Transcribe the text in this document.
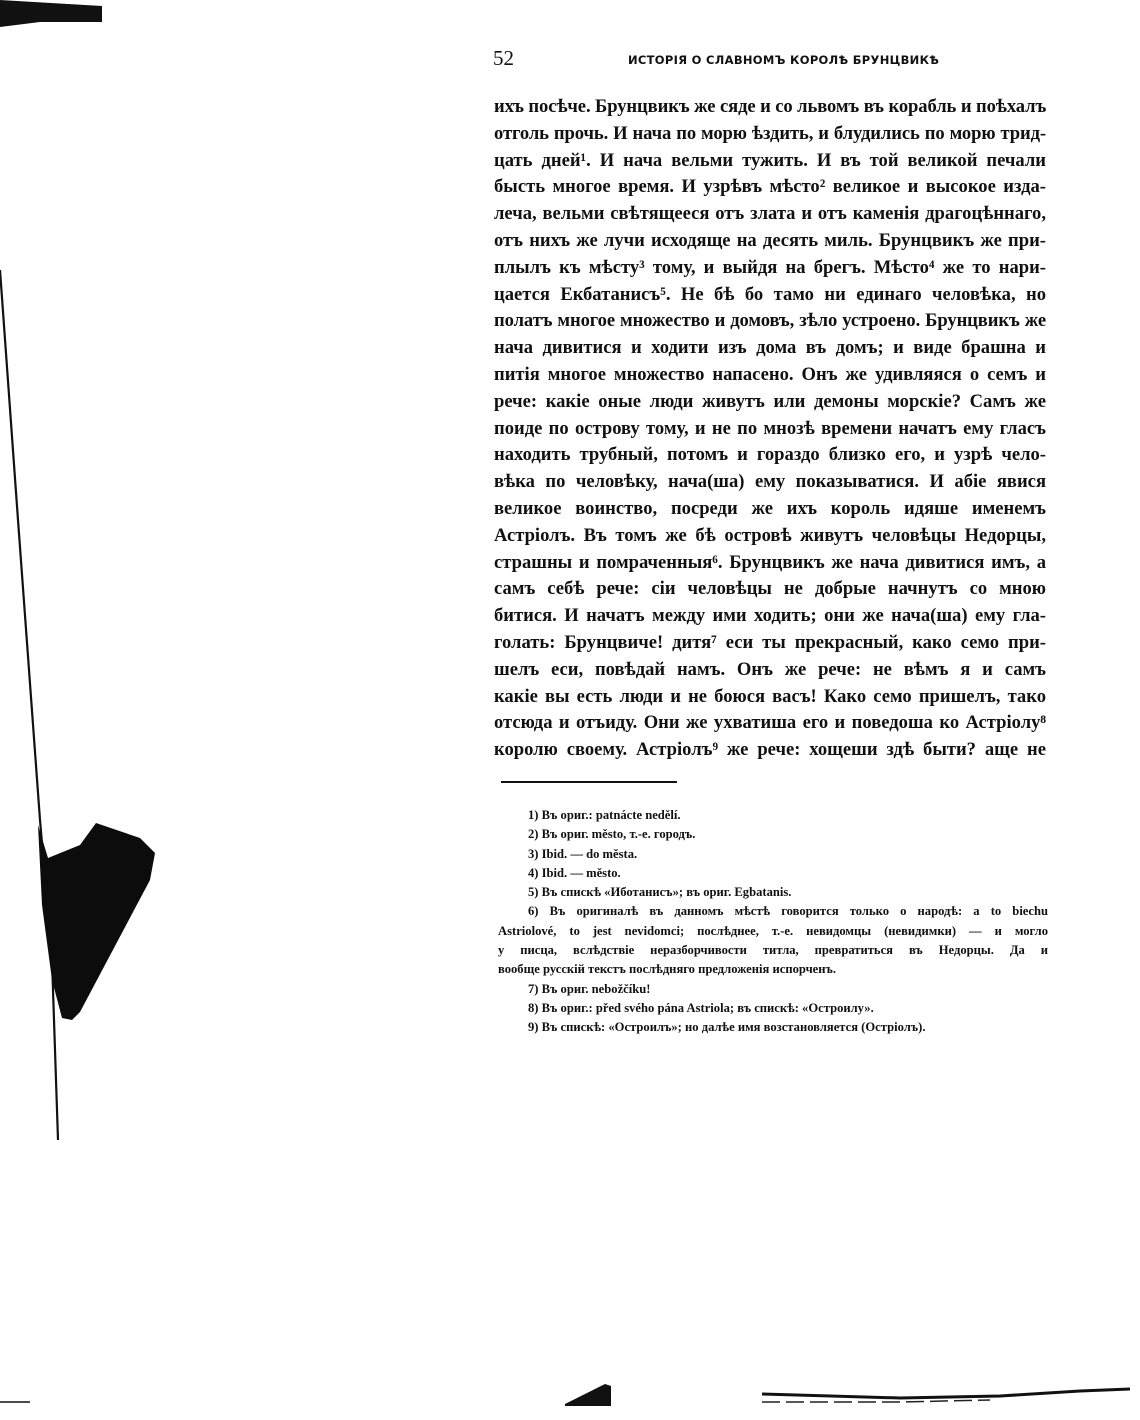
52	ИСТОРІЯ О СЛАВНОМЪ КОРОЛѢ БРУНЦВИКѢ
ихъ посѣче. Брунцвикъ же сяде и со львомъ въ корабль и поѣхалъ
отголь прочь. И нача по морю ѣздить, и блудились по морю трид-
цать дней¹. И нача вельми тужить. И въ той великой печали
бысть многое время. И узрѣвъ мѣсто² великое и высокое изда-
леча, вельми свѣтящееся отъ злата и отъ каменія драгоцѣннаго,
отъ нихъ же лучи исходяще на десять миль. Брунцвикъ же при-
плылъ къ мѣсту³ тому, и выйдя на брегъ. Мѣсто⁴ же то нари-
цается Екбатанисъ⁵. Не бѣ бо тамо ни единаго человѣка, но
полатъ многое множество и домовъ, зѣло устроено. Брунцвикъ же
нача дивитися и ходити изъ дома въ домъ; и виде брашна и
питія многое множество напасено. Онъ же удивляяся о семъ и
рече: какіе оные люди живутъ или демоны морскіе? Самъ же
поиде по острову тому, и не по мнозѣ времени начатъ ему гласъ
находить трубный, потомъ и гораздо близко его, и узрѣ чело-
вѣка по человѣку, нача(ша) ему показыватися. И абіе явися
великое воинство, посреди же ихъ король идяше именемъ
Астріолъ. Въ томъ же бѣ островѣ живутъ человѣцы Недорцы,
страшны и помраченныя⁶. Брунцвикъ же нача дивитися имъ, а
самъ себѣ рече: сіи человѣцы не добрые начнутъ со мною
битися. И начатъ между ими ходить; они же нача(ша) ему гла-
голать: Брунцвиче! дитя⁷ еси ты прекрасный, како семо при-
шелъ еси, повѣдай намъ. Онъ же рече: не вѣмъ я и самъ
какіе вы есть люди и не боюся васъ! Како семо пришелъ, тако
отсюда и отъиду. Они же ухватиша его и поведоша ко Астріолу⁸
королю своему. Астріолъ⁹ же рече: хощеши здѣ быти? аще не
1) Въ ориг.: patnácte nedělí.
2) Въ ориг. město, т.-е. городъ.
3) Ibid. — do města.
4) Ibid. — město.
5) Въ спискѣ «Иботанисъ»; въ ориг. Egbatanis.
6) Въ оригиналѣ въ данномъ мѣстѣ говорится только о народѣ: a to biechu
Astriolové, to jest nevidomci; послѣднее, т.-е. невидомцы (невидимки) — и могло
у писца, вслѣдствіе неразборчивости титла, превратиться въ Недорцы. Да и
вообще русскій текстъ послѣдняго предложенія испорченъ.
7) Въ ориг. nebožčíku!
8) Въ ориг.: před svého pána Astriola; въ спискѣ: «Остроилу».
9) Въ спискѣ: «Остроилъ»; но далѣе имя возстановляется (Остріолъ).
